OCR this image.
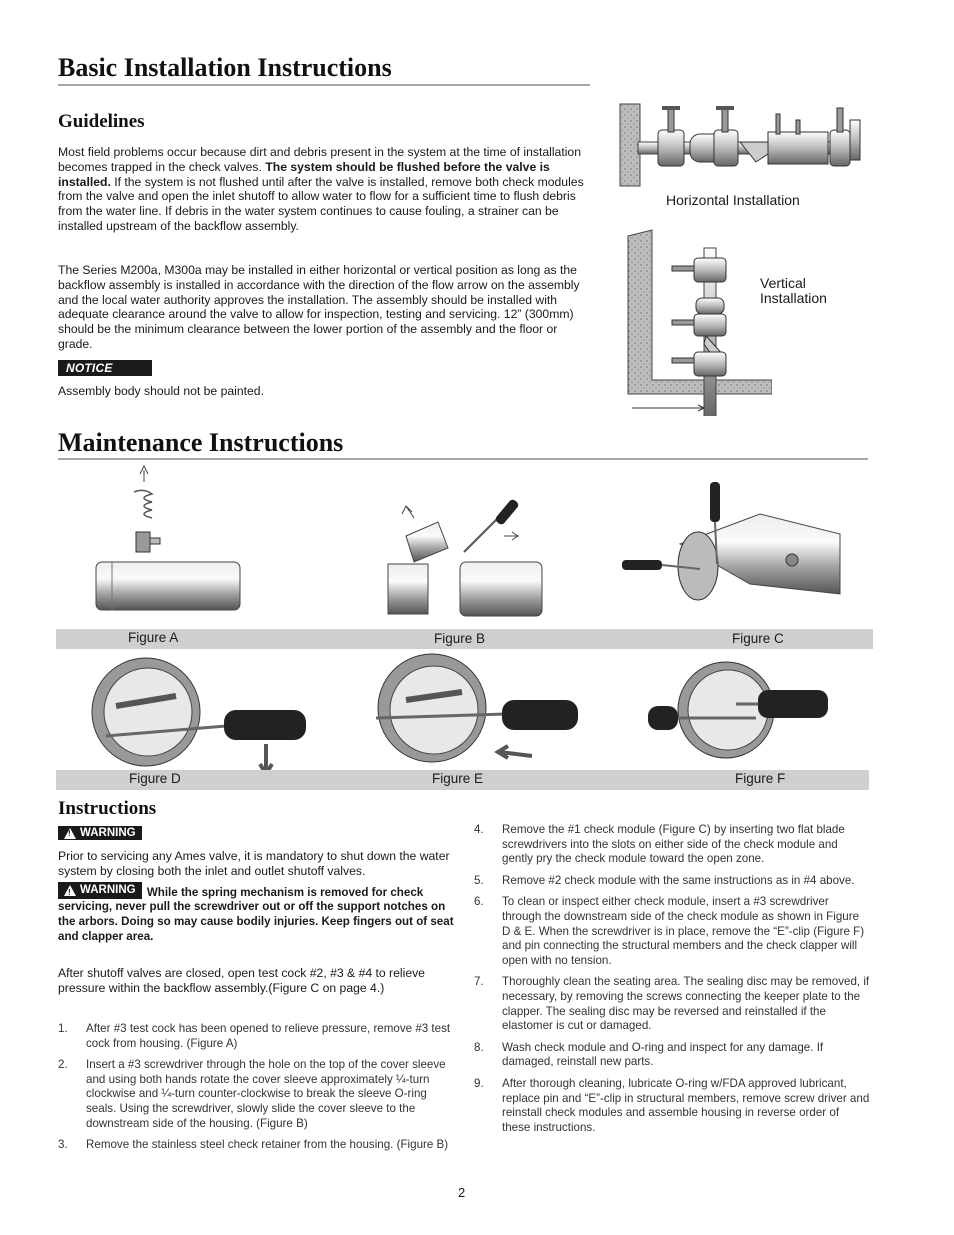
Basic Installation Instructions
Guidelines
Most field problems occur because dirt and debris present in the system at the time of installation becomes trapped in the check valves. The system should be flushed before the valve is installed. If the system is not flushed until after the valve is installed, remove both check modules from the valve and open the inlet shutoff to allow water to flow for a sufficient time to flush debris from the water line. If debris in the water system continues to cause fouling, a strainer can be installed upstream of the backflow assembly.
The Series M200a, M300a may be installed in either horizontal or vertical position as long as the backflow assembly is installed in accordance with the direction of the flow arrow on the assembly and the local water authority approves the installation. The assembly should be installed with adequate clearance around the valve to allow for inspection, testing and servicing. 12” (300mm) should be the minimum clearance between the lower portion of the assembly and the floor or grade.
NOTICE
Assembly body should not be painted.
Horizontal Installation
Vertical
Installation
Maintenance Instructions
Figure A	Figure B	Figure C
Figure D	Figure E	Figure F
Instructions
!
WARNING
Prior to servicing any Ames valve, it is mandatory to shut down the water system by closing both the inlet and outlet shutoff valves.
!
WARNING While the spring mechanism is removed for check servicing, never pull the screwdriver out or off the support notches on the arbors. Doing so may cause bodily injuries. Keep fingers out of seat and clapper area.
After shutoff valves are closed, open test cock #2, #3 & #4 to relieve pressure within the backflow assembly.(Figure C on page 4.)
1. After #3 test cock has been opened to relieve pressure, remove #3 test cock from housing. (Figure A)
2. Insert a #3 screwdriver through the hole on the top of the cover sleeve and using both hands rotate the cover sleeve approximately ¼-turn clockwise and ¼-turn counter-clockwise to break the sleeve O-ring seals. Using the screwdriver, slowly slide the cover sleeve to the downstream side of the housing. (Figure B)
3. Remove the stainless steel check retainer from the housing. (Figure B)
4. Remove the #1 check module (Figure C) by inserting two flat blade screwdrivers into the slots on either side of the check module and gently pry the check module toward the open zone.
5. Remove #2 check module with the same instructions as in #4 above.
6. To clean or inspect either check module, insert a #3 screwdriver through the downstream side of the check module as shown in Figure D & E. When the screwdriver is in place, remove the “E”-clip (Figure F) and pin connecting the structural members and the check clapper will open with no tension.
7. Thoroughly clean the seating area. The sealing disc may be removed, if necessary, by removing the screws connecting the keeper plate to the clapper. The sealing disc may be reversed and reinstalled if the elastomer is cut or damaged.
8. Wash check module and O-ring and inspect for any damage. If damaged, reinstall new parts.
9. After thorough cleaning, lubricate O-ring w/FDA approved lubricant, replace pin and “E”-clip in structural members, remove screw driver and reinstall check modules and assemble housing in reverse order of these instructions.
2
